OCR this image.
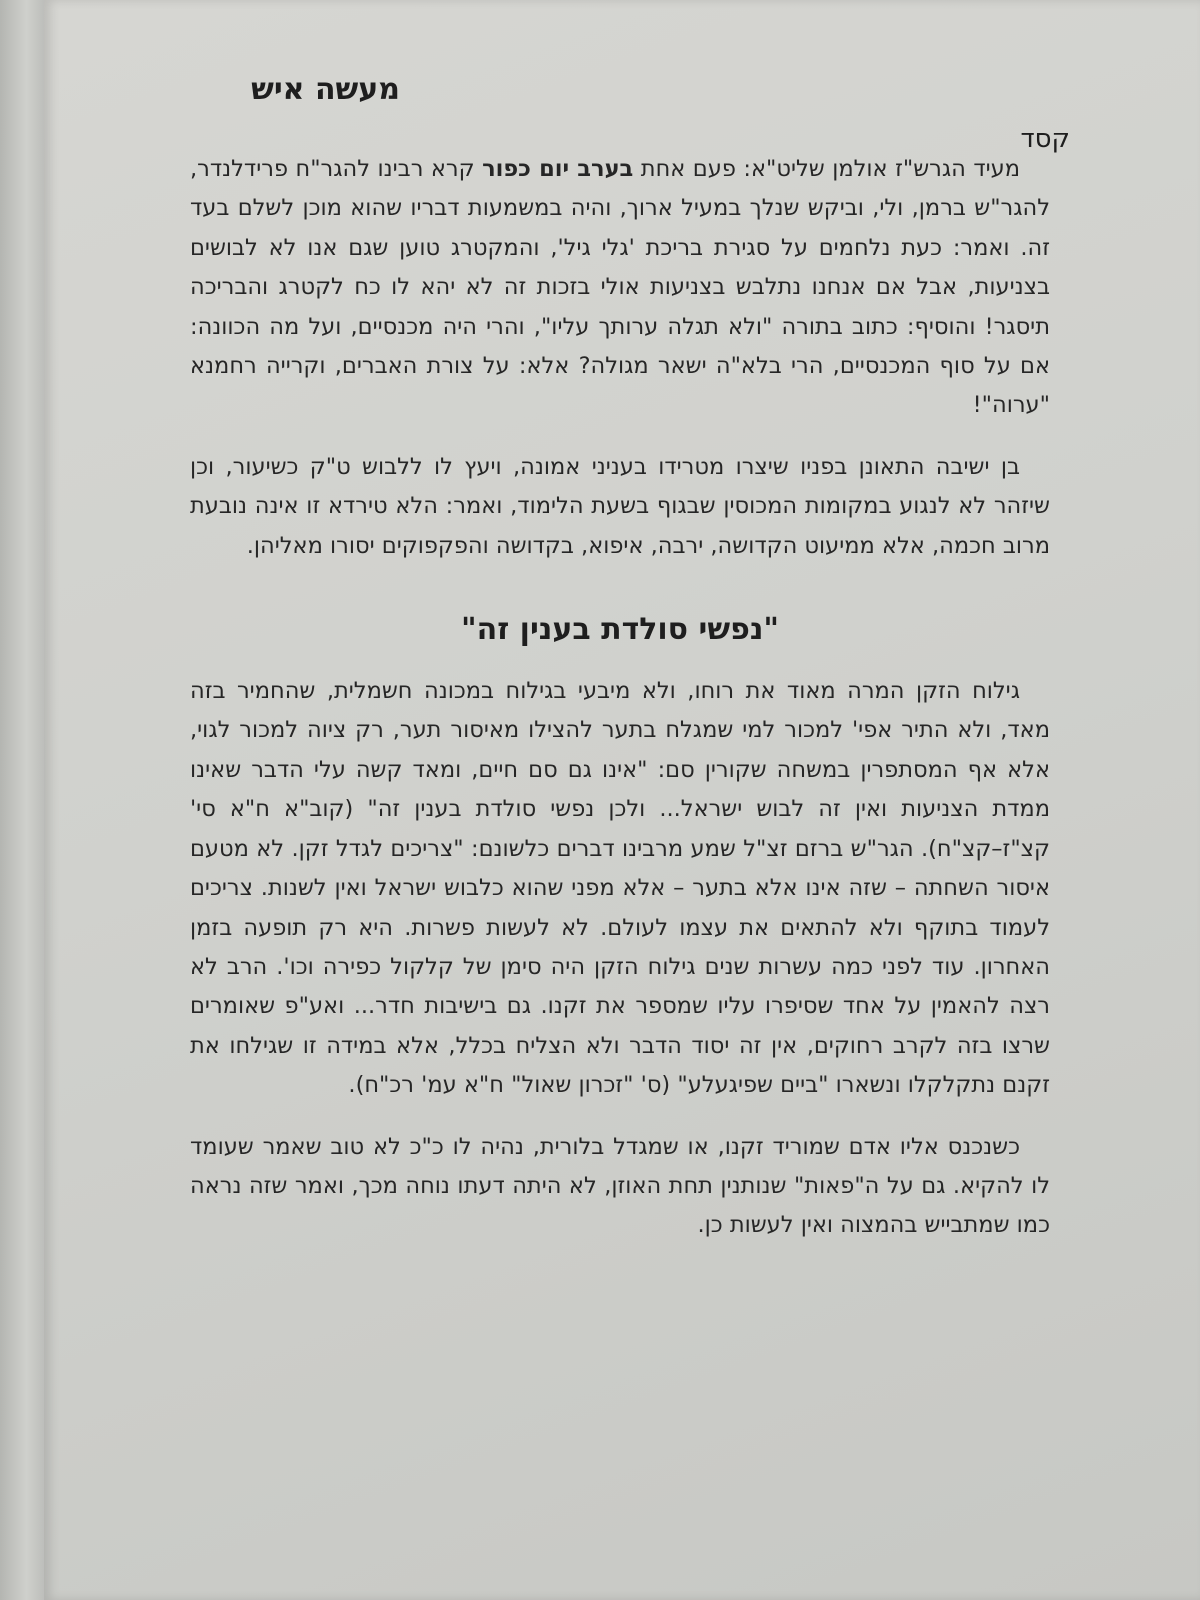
מעשה איש
קסד

מעיד הגרש"ז אולמן שליט"א: פעם אחת בערב יום כפור קרא רבינו להגר"ח פרידלנדר, להגר"ש ברמן, ולי, וביקש שנלך במעיל ארוך, והיה במשמעות דבריו שהוא מוכן לשלם בעד זה. ואמר: כעת נלחמים על סגירת בריכת 'גלי גיל', והמקטרג טוען שגם אנו לא לבושים בצניעות, אבל אם אנחנו נתלבש בצניעות אולי בזכות זה לא יהא לו כח לקטרג והבריכה תיסגר! והוסיף: כתוב בתורה "ולא תגלה ערותך עליו", והרי היה מכנסיים, ועל מה הכוונה: אם על סוף המכנסיים, הרי בלא"ה ישאר מגולה? אלא: על צורת האברים, וקרייה רחמנא "ערוה"!

בן ישיבה התאונן בפניו שיצרו מטרידו בעניני אמונה, ויעץ לו ללבוש ט"ק כשיעור, וכן שיזהר לא לנגוע במקומות המכוסין שבגוף בשעת הלימוד, ואמר: הלא טירדא זו אינה נובעת מרוב חכמה, אלא ממיעוט הקדושה, ירבה, איפוא, בקדושה והפקפוקים יסורו מאליהן.

"נפשי סולדת בענין זה"

גילוח הזקן המרה מאוד את רוחו, ולא מיבעי בגילוח במכונה חשמלית, שהחמיר בזה מאד, ולא התיר אפי' למכור למי שמגלח בתער להצילו מאיסור תער, רק ציוה למכור לגוי, אלא אף המסתפרין במשחה שקורין סם: "אינו גם סם חיים, ומאד קשה עלי הדבר שאינו ממדת הצניעות ואין זה לבוש ישראל... ולכן נפשי סולדת בענין זה" (קוב"א ח"א סי' קצ"ז–קצ"ח). הגר"ש ברזם זצ"ל שמע מרבינו דברים כלשונם: "צריכים לגדל זקן. לא מטעם איסור השחתה – שזה אינו אלא בתער – אלא מפני שהוא כלבוש ישראל ואין לשנות. צריכים לעמוד בתוקף ולא להתאים את עצמו לעולם. לא לעשות פשרות. היא רק תופעה בזמן האחרון. עוד לפני כמה עשרות שנים גילוח הזקן היה סימן של קלקול כפירה וכו'. הרב לא רצה להאמין על אחד שסיפרו עליו שמספר את זקנו. גם בישיבות חדר... ואע"פ שאומרים שרצו בזה לקרב רחוקים, אין זה יסוד הדבר ולא הצליח בכלל, אלא במידה זו שגילחו את זקנם נתקלקלו ונשארו "ביים שפיגעלע" (ס' "זכרון שאול" ח"א עמ' רכ"ח).

כשנכנס אליו אדם שמוריד זקנו, או שמגדל בלורית, נהיה לו כ"כ לא טוב שאמר שעומד לו להקיא. גם על ה"פאות" שנותנין תחת האוזן, לא היתה דעתו נוחה מכך, ואמר שזה נראה כמו שמתבייש בהמצוה ואין לעשות כן.
